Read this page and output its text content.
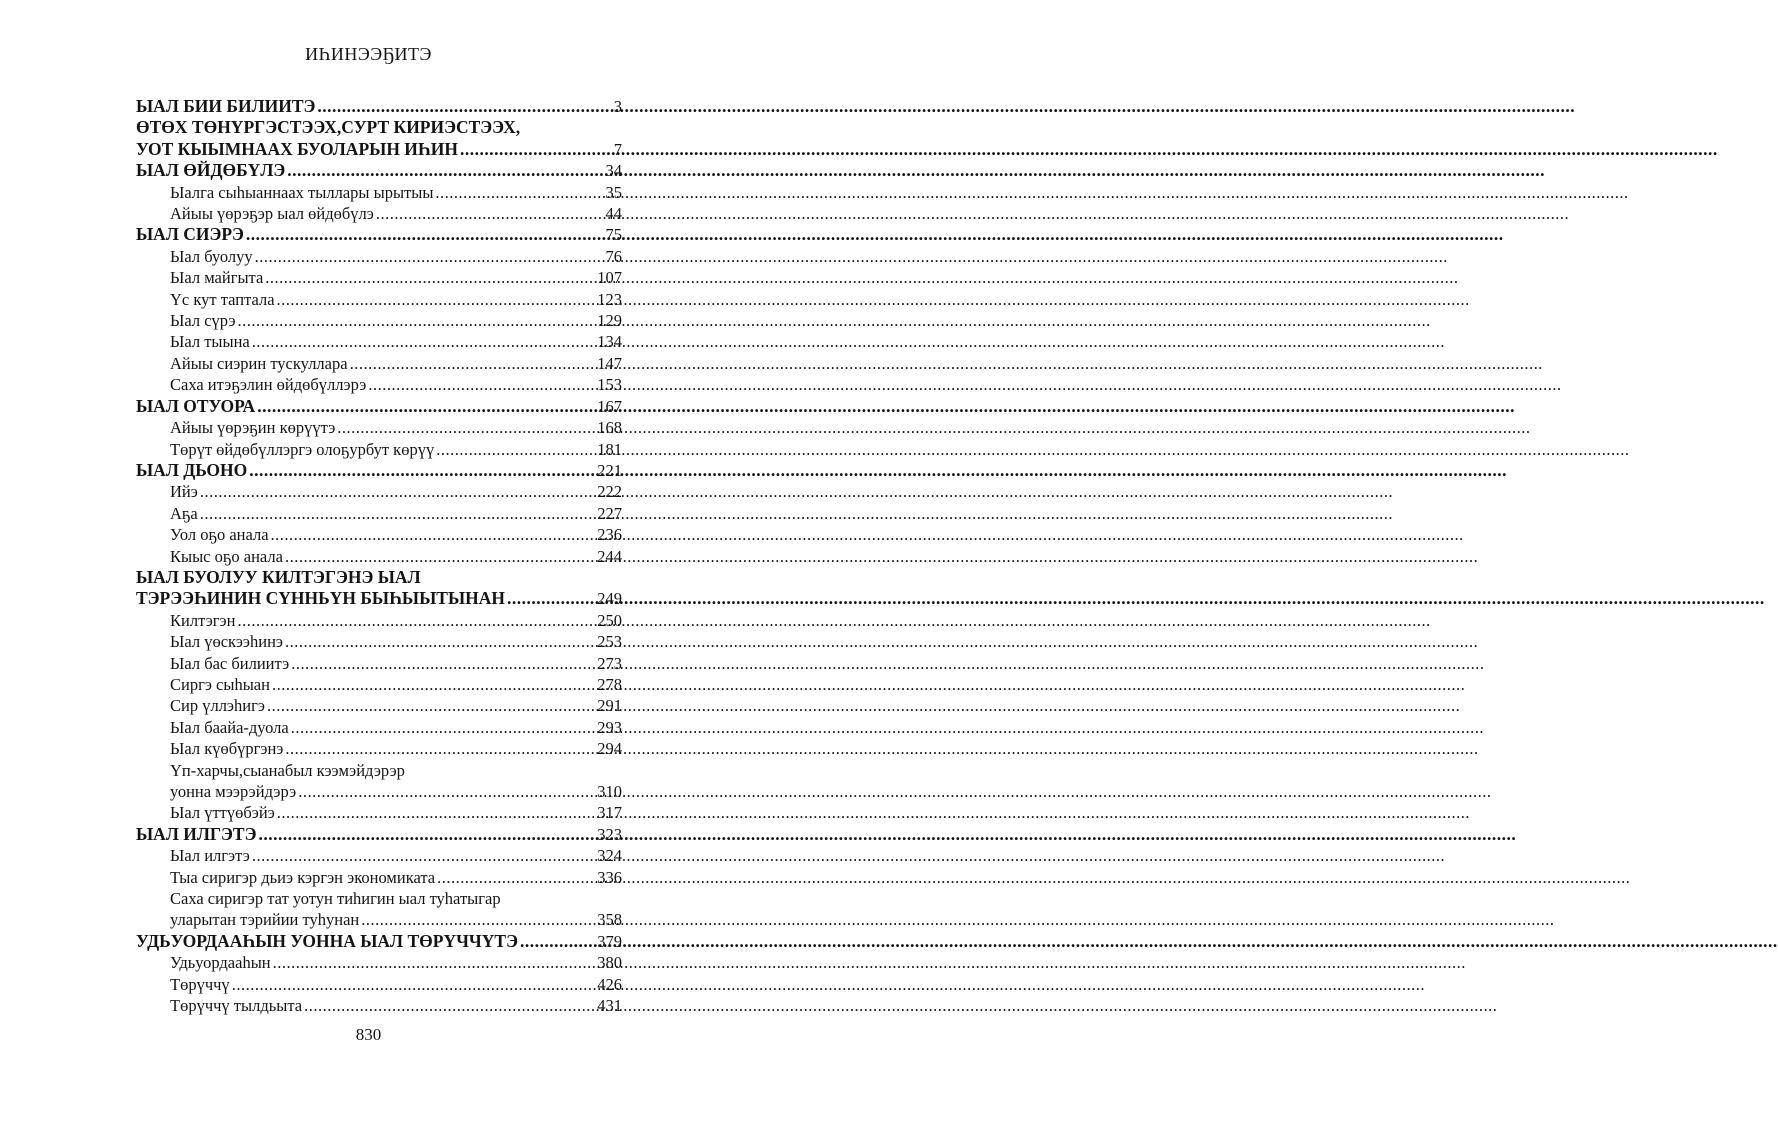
ИҺИНЭЭҔИТЭ
ЫАЛ БИИ БИЛИИТЭ .....	3
ӨТӨХ ТӨНҮРГЭСТЭЭХ,СУРТ КИРИЭСТЭЭХ,
УОТ КЫЫМНААХ БУОЛАРЫН ИҺИН .....	7
ЫАЛ ӨЙДӨБҮЛЭ .....	34
Ыалга сыһыаннаах тыллары ырытыы .....	35
Айыы үөрэҕэр ыал өйдөбүлэ .....	44
ЫАЛ СИЭРЭ .....	75
Ыал буолуу .....	76
Ыал майгыта .....	107
Үс кут таптала .....	123
Ыал сүрэ .....	129
Ыал тыына .....	134
Айыы сиэрин тускуллара .....	147
Саха итэҕэлин өйдөбүллэрэ .....	153
ЫАЛ ОТУОРА .....	167
Айыы үөрэҕин көрүүтэ .....	168
Төрүт өйдөбүллэргэ олоҕурбут көрүү .....	181
ЫАЛ ДЬОНО .....	221
Ийэ .....	222
Аҕа .....	227
Уол оҕо анала .....	236
Кыыс оҕо анала .....	244
ЫАЛ БУОЛУУ КИЛТЭГЭНЭ ЫАЛ
ТЭРЭЭҺИНИН СҮННЬҮН БЫҺЫЫТЫНАН .....	249
Килтэгэн .....	250
Ыал үөскээһинэ .....	253
Ыал бас билиитэ .....	273
Сиргэ сыһыан .....	278
Сир үллэһигэ .....	291
Ыал баайа-дуола .....	293
Ыал күөбүргэнэ .....	294
Үп-харчы,сыанабыл кээмэйдэрэр
уонна мээрэйдэрэ .....	310
Ыал үттүөбэйэ .....	317
ЫАЛ ИЛГЭТЭ .....	323
Ыал илгэтэ .....	324
Тыа сиригэр дьиэ кэргэн экономиката .....	336
Саха сиригэр тат уотун тиһигин ыал туһатыгар
уларытан тэрийии туһунан .....	358
УДЬУОРДААҺЫН УОННА ЫАЛ ТӨРҮЧЧҮТЭ .....	379
Удьуордааһын .....	380
Төрүччү .....	426
Төрүччү тылдьыта .....	431
830
